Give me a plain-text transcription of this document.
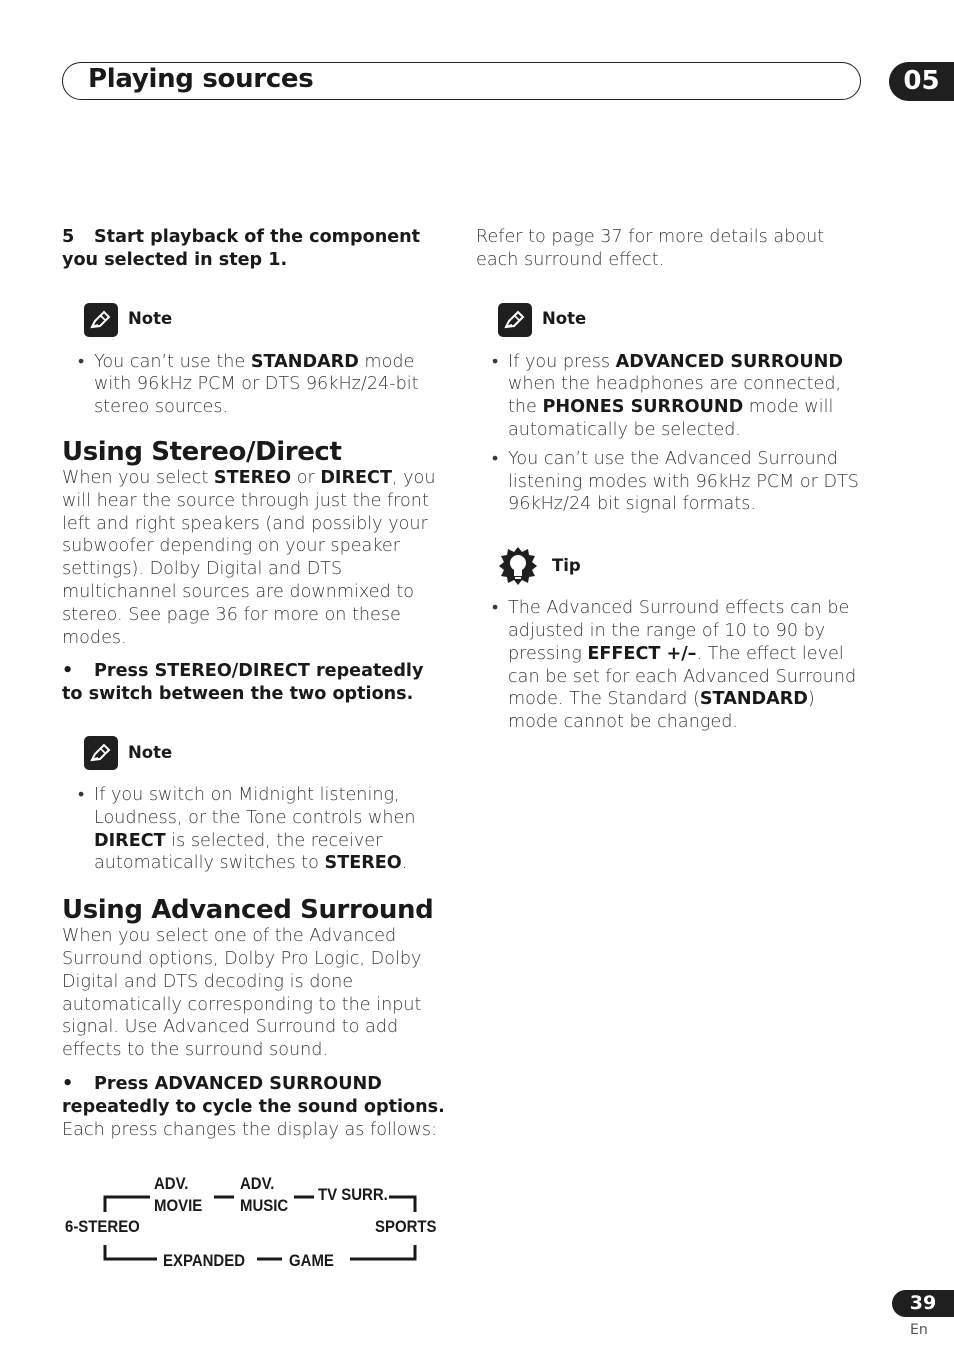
Playing sources	05

5 Start playback of the component you selected in step 1.

Note
• You can’t use the STANDARD mode with 96kHz PCM or DTS 96kHz/24-bit stereo sources.
Using Stereo/Direct

When you select STEREO or DIRECT, you will hear the source through just the front left and right speakers (and possibly your subwoofer depending on your speaker settings). Dolby Digital and DTS multichannel sources are downmixed to stereo. See page 36 for more on these modes.

• Press STEREO/DIRECT repeatedly to switch between the two options.

Note
• If you switch on Midnight listening, Loudness, or the Tone controls when DIRECT is selected, the receiver automatically switches to STEREO.
Using Advanced Surround

When you select one of the Advanced Surround options, Dolby Pro Logic, Dolby Digital and DTS decoding is done automatically corresponding to the input signal. Use Advanced Surround to add effects to the surround sound.

• Press ADVANCED SURROUND repeatedly to cycle the sound options.

Each press changes the display as follows:

ADV.
MOVIE
ADV.
MUSIC
TV SURR.
6-STEREO	SPORTS
EXPANDED	GAME

Refer to page 37 for more details about each surround effect.

Note
• If you press ADVANCED SURROUND when the headphones are connected, the PHONES SURROUND mode will automatically be selected.
• You can’t use the Advanced Surround listening modes with 96kHz PCM or DTS 96kHz/24 bit signal formats.
Tip
• The Advanced Surround effects can be adjusted in the range of 10 to 90 by pressing EFFECT +/–. The effect level can be set for each Advanced Surround mode. The Standard (STANDARD) mode cannot be changed.
39
En
